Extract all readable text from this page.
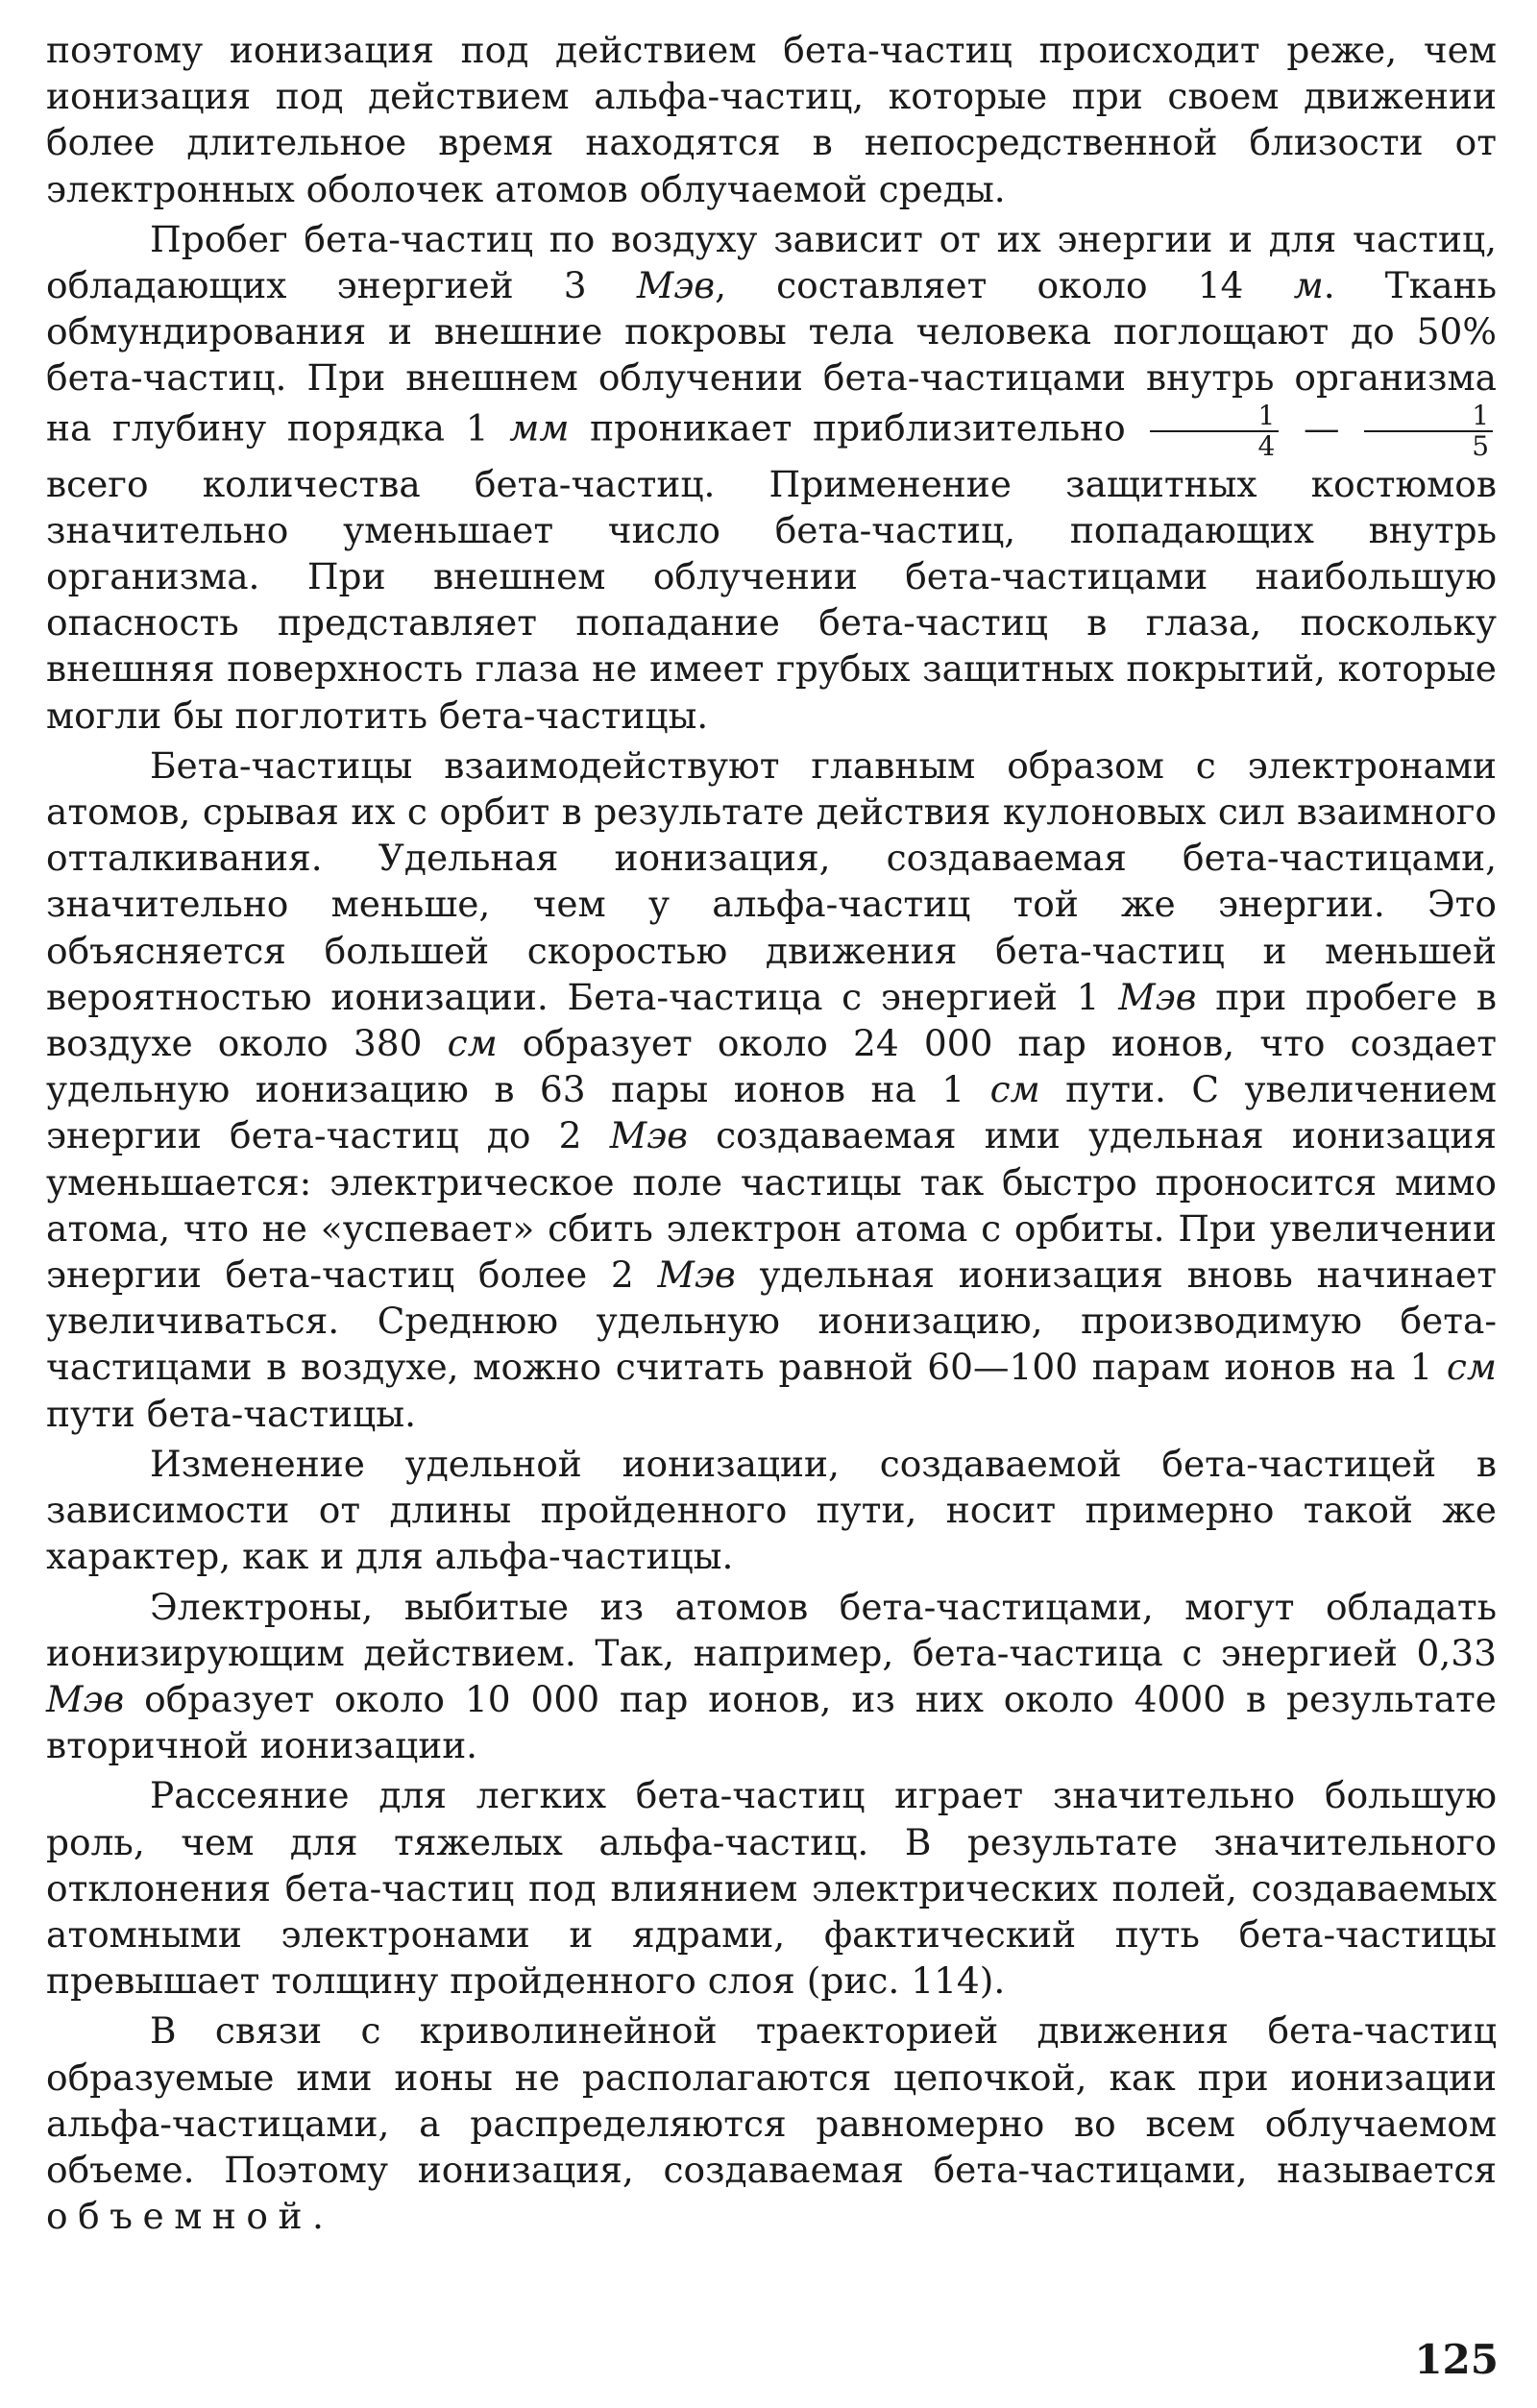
поэтому ионизация под действием бета-частиц происходит реже, чем ионизация под действием альфа-частиц, которые при своем движении более длительное время находятся в непосредственной близости от электронных оболочек атомов облучаемой среды.

Пробег бета-частиц по воздуху зависит от их энергии и для частиц, обладающих энергией 3 Мэв, составляет около 14 м. Ткань обмундирования и внешние покровы тела человека поглощают до 50% бета-частиц. При внешнем облучении бета-частицами внутрь организма на глубину порядка 1 мм проникает приблизительно $\frac{1}{4}$ — $\frac{1}{5}$
всего количества бета-частиц. Применение защитных костюмов значительно уменьшает число бета-частиц, попадающих внутрь организма. При внешнем облучении бета-частицами наибольшую опасность представляет попадание бета-частиц в глаза, поскольку внешняя поверхность глаза не имеет грубых защитных покрытий, которые могли бы поглотить бета-частицы.

Бета-частицы взаимодействуют главным образом с электронами атомов, срывая их с орбит в результате действия кулоновых сил взаимного отталкивания. Удельная ионизация, создаваемая бета-частицами, значительно меньше, чем у альфа-частиц той же энергии. Это объясняется большей скоростью движения бета-частиц и меньшей вероятностью ионизации. Бета-частица с энергией 1 Мэв при пробеге в воздухе около 380 см образует около 24 000 пар ионов, что создает удельную ионизацию в 63 пары ионов на 1 см пути. С увеличением энергии бета-частиц до 2 Мэв создаваемая ими удельная ионизация уменьшается: электрическое поле частицы так быстро проносится мимо атома, что не «успевает» сбить электрон атома с орбиты. При увеличении энергии бета-частиц более 2 Мэв удельная ионизация вновь начинает увеличиваться. Среднюю удельную ионизацию, производимую бета-частицами в воздухе, можно считать равной 60—100 парам ионов на 1 см пути бета-частицы.

Изменение удельной ионизации, создаваемой бета-частицей в зависимости от длины пройденного пути, носит примерно такой же характер, как и для альфа-частицы.

Электроны, выбитые из атомов бета-частицами, могут обладать ионизирующим действием. Так, например, бета-частица с энергией 0,33 Мэв образует около 10 000 пар ионов, из них около 4000 в результате вторичной ионизации.

Рассеяние для легких бета-частиц играет значительно большую роль, чем для тяжелых альфа-частиц. В результате значительного отклонения бета-частиц под влиянием электрических полей, создаваемых атомными электронами и ядрами, фактический путь бета-частицы превышает толщину пройденного слоя (рис. 114).

В связи с криволинейной траекторией движения бета-частиц образуемые ими ионы не располагаются цепочкой, как при ионизации альфа-частицами, а распределяются равномерно во всем облучаемом объеме. Поэтому ионизация, создаваемая бета-частицами, называется объемной.

125
